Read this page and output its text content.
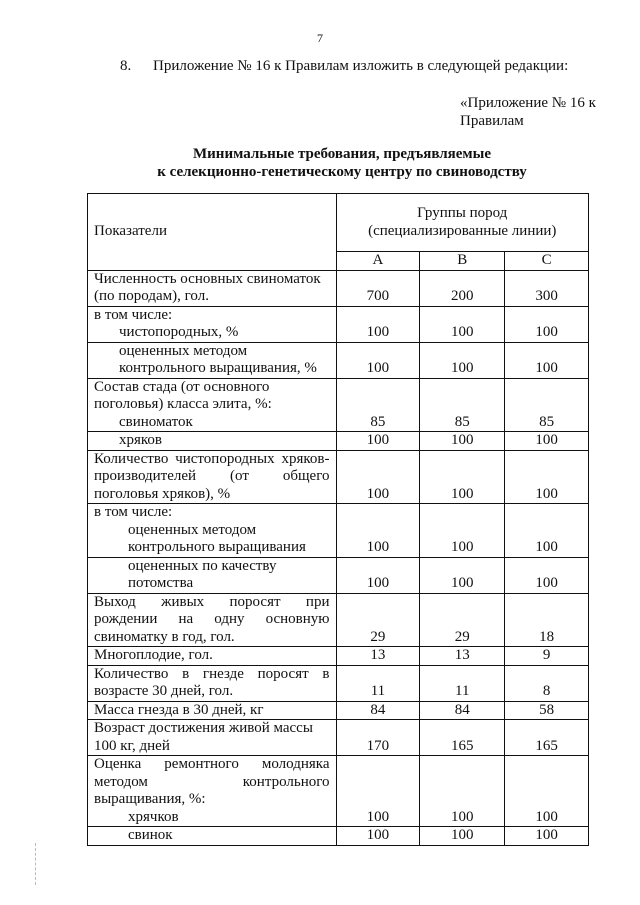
7
8. Приложение № 16 к Правилам изложить в следующей редакции:
«Приложение № 16 к
Правилам
Минимальные требования, предъявляемые
к селекционно-генетическому центру по свиноводству
Показатели	Группы пород
(специализированные линии)		

	A	B	C

Численность основных свиноматок
(по породам), гол.	700	200	300
в том числе:			

чистопородных, %	100	100	100

оцененных методом
контрольного выращивания, %	100	100	100

Состав стада (от основного
поголовья) класса элита, %:
свиноматок	85	85	85

хряков	100	100	100

Количество чистопородных хряков-
производителей (от общего
поголовья хряков), %	100	100	100

в том числе:
оцененных методом			

контрольного выращивания	100	100	100

оцененных по качеству
потомства	100	100	100

Выход живых поросят при
рождении на одну основную
свиноматку в год, гол.	29	29	18
Многоплодие, гол.	13	13	9

Количество в гнезде поросят в
возрасте 30 дней, гол.	11	11	8
Масса гнезда в 30 дней, кг	84	84	58

Возраст достижения живой массы
100 кг, дней	170	165	165

Оценка ремонтного молодняка
методом контрольного
выращивания, %:
хрячков	100	100	100

свинок	100	100	100
